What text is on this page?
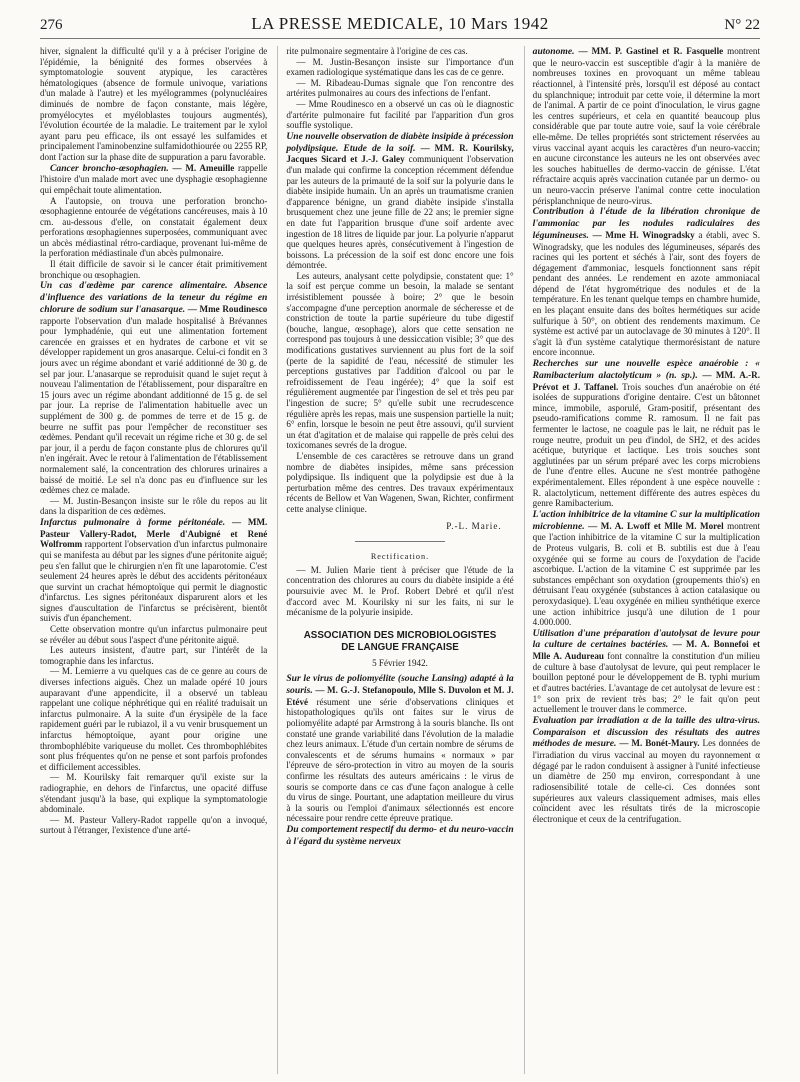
276	LA PRESSE MEDICALE, 10 Mars 1942	N° 22

hiver, signalent la difficulté qu'il y a à préciser l'origine de l'épidémie, la bénignité des formes observées à symptomatologie souvent atypique, les caractères hématologiques (absence de formule univoque, variations d'un malade à l'autre) et les myélogrammes (polynucléaires diminués de nombre de façon constante, mais légère, promyélocytes et myéloblastes toujours augmentés), l'évolution écourtée de la maladie. Le traitement par le xylol ayant paru peu efficace, ils ont essayé les sulfamides et principalement l'aminobenzine sulfamidothiourée ou 2255 RP, dont l'action sur la phase dite de suppuration a paru favorable.

Cancer broncho-œsophagien. — M. Ameuille rappelle l'histoire d'un malade mort avec une dysphagie œsophagienne qui empêchait toute alimentation.

A l'autopsie, on trouva une perforation broncho-œsophagienne entourée de végétations cancéreuses, mais à 10 cm. au-dessous d'elle, on constatait également deux perforations œsophagiennes superposées, communiquant avec un abcès médiastinal rétro-cardiaque, provenant lui-même de la perforation médiastinale d'un abcès pulmonaire.

Il était difficile de savoir si le cancer était primitivement bronchique ou œsophagien.

Un cas d'œdème par carence alimentaire. Absence d'influence des variations de la teneur du régime en chlorure de sodium sur l'anasarque. — Mme Roudinesco rapporte l'observation d'un malade hospitalisé à Brévannes pour lymphadénie, qui eut une alimentation fortement carencée en graisses et en hydrates de carbone et vit se développer rapidement un gros anasarque. Celui-ci fondit en 3 jours avec un régime abondant et varié additionné de 30 g. de sel par jour. L'anasarque se reproduisit quand le sujet reçut à nouveau l'alimentation de l'établissement, pour disparaître en 15 jours avec un régime abondant additionné de 15 g. de sel par jour. La reprise de l'alimentation habituelle avec un supplément de 300 g. de pommes de terre et de 15 g. de beurre ne suffit pas pour l'empêcher de reconstituer ses œdèmes. Pendant qu'il recevait un régime riche et 30 g. de sel par jour, il a perdu de façon constante plus de chlorures qu'il n'en ingérait. Avec le retour à l'alimentation de l'établissement normalement salé, la concentration des chlorures urinaires a baissé de moitié. Le sel n'a donc pas eu d'influence sur les œdèmes chez ce malade.

— M. Justin-Besançon insiste sur le rôle du repos au lit dans la disparition de ces œdèmes.

Infarctus pulmonaire à forme péritonéale. — MM. Pasteur Vallery-Radot, Merle d'Aubigné et René Wolfromm rapportent l'observation d'un infarctus pulmonaire qui se manifesta au début par les signes d'une péritonite aiguë; peu s'en fallut que le chirurgien n'en fît une laparotomie. C'est seulement 24 heures après le début des accidents péritonéaux que survint un crachat hémoptoïque qui permit le diagnostic d'infarctus. Les signes péritonéaux disparurent alors et les signes d'auscultation de l'infarctus se précisèrent, bientôt suivis d'un épanchement.

Cette observation montre qu'un infarctus pulmonaire peut se révéler au début sous l'aspect d'une péritonite aiguë.

Les auteurs insistent, d'autre part, sur l'intérêt de la tomographie dans les infarctus.

— M. Lemierre a vu quelques cas de ce genre au cours de diverses infections aiguës. Chez un malade opéré 10 jours auparavant d'une appendicite, il a observé un tableau rappelant une colique néphrétique qui en réalité traduisait un infarctus pulmonaire. A la suite d'un érysipèle de la face rapidement guéri par le rubiazol, il a vu venir brusquement un infarctus hémoptoïque, ayant pour origine une thrombophlébite variqueuse du mollet. Ces thrombophlébites sont plus fréquentes qu'on ne pense et sont parfois profondes et difficilement accessibles.

— M. Kourilsky fait remarquer qu'il existe sur la radiographie, en dehors de l'infarctus, une opacité diffuse s'étendant jusqu'à la base, qui explique la symptomatologie abdominale.

— M. Pasteur Vallery-Radot rappelle qu'on a invoqué, surtout à l'étranger, l'existence d'une arté-

rite pulmonaire segmentaire à l'origine de ces cas.

— M. Justin-Besançon insiste sur l'importance d'un examen radiologique systématique dans les cas de ce genre.

— M. Ribadeau-Dumas signale que l'on rencontre des artérites pulmonaires au cours des infections de l'enfant.

— Mme Roudinesco en a observé un cas où le diagnostic d'artérite pulmonaire fut facilité par l'apparition d'un gros souffle systolique.

Une nouvelle observation de diabète insipide à précession polydipsique. Etude de la soif. — MM. R. Kourilsky, Jacques Sicard et J.-J. Galey communiquent l'observation d'un malade qui confirme la conception récemment défendue par les auteurs de la primauté de la soif sur la polyurie dans le diabète insipide humain. Un an après un traumatisme cranien d'apparence bénigne, un grand diabète insipide s'installa brusquement chez une jeune fille de 22 ans; le premier signe en date fut l'apparition brusque d'une soif ardente avec ingestion de 18 litres de liquide par jour. La polyurie n'apparut que quelques heures après, consécutivement à l'ingestion de boissons. La précession de la soif est donc encore une fois démontrée.

Les auteurs, analysant cette polydipsie, constatent que: 1° la soif est perçue comme un besoin, la malade se sentant irrésistiblement poussée à boire; 2° que le besoin s'accompagne d'une perception anormale de sécheresse et de constriction de toute la partie supérieure du tube digestif (bouche, langue, œsophage), alors que cette sensation ne correspond pas toujours à une dessiccation visible; 3° que des modifications gustatives surviennent au plus fort de la soif (perte de la sapidité de l'eau, nécessité de stimuler les perceptions gustatives par l'addition d'alcool ou par le refroidissement de l'eau ingérée); 4° que la soif est régulièrement augmentée par l'ingestion de sel et très peu par l'ingestion de sucre; 5° qu'elle subit une recrudescence régulière après les repas, mais une suspension partielle la nuit; 6° enfin, lorsque le besoin ne peut être assouvi, qu'il survient un état d'agitation et de malaise qui rappelle de près celui des toxicomanes sevrés de la drogue.

L'ensemble de ces caractères se retrouve dans un grand nombre de diabètes insipides, même sans précession polydipsique. Ils indiquent que la polydipsie est due à la perturbation même des centres. Des travaux expérimentaux récents de Bellow et Van Wagenen, Swan, Richter, confirment cette analyse clinique.

P.-L. Marie.
Rectification.

— M. Julien Marie tient à préciser que l'étude de la concentration des chlorures au cours du diabète insipide a été poursuivie avec M. le Prof. Robert Debré et qu'il n'est d'accord avec M. Kourilsky ni sur les faits, ni sur le mécanisme de la polyurie insipide.

ASSOCIATION DES MICROBIOLOGISTES
DE LANGUE FRANÇAISE
5 Février 1942.

Sur le virus de poliomyélite (souche Lansing) adapté à la souris. — M. G.-J. Stefanopoulo, Mlle S. Duvolon et M. J. Etévé résument une série d'observations cliniques et histopathologiques qu'ils ont faites sur le virus de poliomyélite adapté par Armstrong à la souris blanche. Ils ont constaté une grande variabilité dans l'évolution de la maladie chez leurs animaux. L'étude d'un certain nombre de sérums de convalescents et de sérums humains « normaux » par l'épreuve de séro-protection in vitro au moyen de la souris confirme les résultats des auteurs américains : le virus de souris se comporte dans ce cas d'une façon analogue à celle du virus de singe. Pourtant, une adaptation meilleure du virus à la souris ou l'emploi d'animaux sélectionnés est encore nécessaire pour rendre cette épreuve pratique.

Du comportement respectif du dermo- et du neuro-vaccin à l'égard du système nerveux

autonome. — MM. P. Gastinel et R. Fasquelle montrent que le neuro-vaccin est susceptible d'agir à la manière de nombreuses toxines en provoquant un même tableau réactionnel, à l'intensité près, lorsqu'il est déposé au contact du splanchnique; introduit par cette voie, il détermine la mort de l'animal. A partir de ce point d'inoculation, le virus gagne les centres supérieurs, et cela en quantité beaucoup plus considérable que par toute autre voie, sauf la voie cérébrale elle-même. De telles propriétés sont strictement réservées au virus vaccinal ayant acquis les caractères d'un neuro-vaccin; en aucune circonstance les auteurs ne les ont observées avec les souches habituelles de dermo-vaccin de génisse. L'état réfractaire acquis après vaccination cutanée par un dermo- ou un neuro-vaccin préserve l'animal contre cette inoculation périsplanchnique de neuro-virus.

Contribution à l'étude de la libération chronique de l'ammoniac par les nodules radiculaires des légumineuses. — Mme H. Winogradsky a établi, avec S. Winogradsky, que les nodules des légumineuses, séparés des racines qui les portent et séchés à l'air, sont des foyers de dégagement d'ammoniac, lesquels fonctionnent sans répit pendant des années. Le rendement en azote ammoniacal dépend de l'état hygrométrique des nodules et de la température. En les tenant quelque temps en chambre humide, en les plaçant ensuite dans des boîtes hermétiques sur acide sulfurique à 50°, on obtient des rendements maximum. Ce système est activé par un autoclavage de 30 minutes à 120°. Il s'agit là d'un système catalytique thermorésistant de nature encore inconnue.

Recherches sur une nouvelle espèce anaérobie : « Ramibacterium alactolyticum » (n. sp.). — MM. A.-R. Prévot et J. Taffanel. Trois souches d'un anaérobie on été isolées de suppurations d'origine dentaire. C'est un bâtonnet mince, immobile, asporulé, Gram-positif, présentant des pseudo-ramifications comme R. ramosum. Il ne fait pas fermenter le lactose, ne coagule pas le lait, ne réduit pas le rouge neutre, produit un peu d'indol, de SH2, et des acides acétique, butyrique et lactique. Les trois souches sont agglutinées par un sérum préparé avec les corps microbiens de l'une d'entre elles. Aucune ne s'est montrée pathogène expérimentalement. Elles répondent à une espèce nouvelle : R. alactolyticum, nettement différente des autres espèces du genre Ramibacterium.

L'action inhibitrice de la vitamine C sur la multiplication microbienne. — M. A. Lwoff et Mlle M. Morel montrent que l'action inhibitrice de la vitamine C sur la multiplication de Proteus vulgaris, B. coli et B. subtilis est due à l'eau oxygénée qui se forme au cours de l'oxydation de l'acide ascorbique. L'action de la vitamine C est supprimée par les substances empêchant son oxydation (groupements thio's) en détruisant l'eau oxygénée (substances à action catalasique ou peroxydasique). L'eau oxygénée en milieu synthétique exerce une action inhibitrice jusqu'à une dilution de 1 pour 4.000.000.

Utilisation d'une préparation d'autolysat de levure pour la culture de certaines bactéries. — M. A. Bonnefoi et Mlle A. Audureau font connaître la constitution d'un milieu de culture à base d'autolysat de levure, qui peut remplacer le bouillon peptoné pour le développement de B. typhi murium et d'autres bactéries. L'avantage de cet autolysat de levure est : 1° son prix de revient très bas; 2° le fait qu'on peut actuellement le trouver dans le commerce.

Evaluation par irradiation α de la taille des ultra-virus. Comparaison et discussion des résultats des autres méthodes de mesure. — M. Bonét-Maury. Les données de l'irradiation du virus vaccinal au moyen du rayonnement α dégagé par le radon conduisent à assigner à l'unité infectieuse un diamètre de 250 mμ environ, correspondant à une radiosensibilité totale de celle-ci. Ces données sont supérieures aux valeurs classiquement admises, mais elles coïncident avec les résultats tirés de la microscopie électronique et ceux de la centrifugation.
